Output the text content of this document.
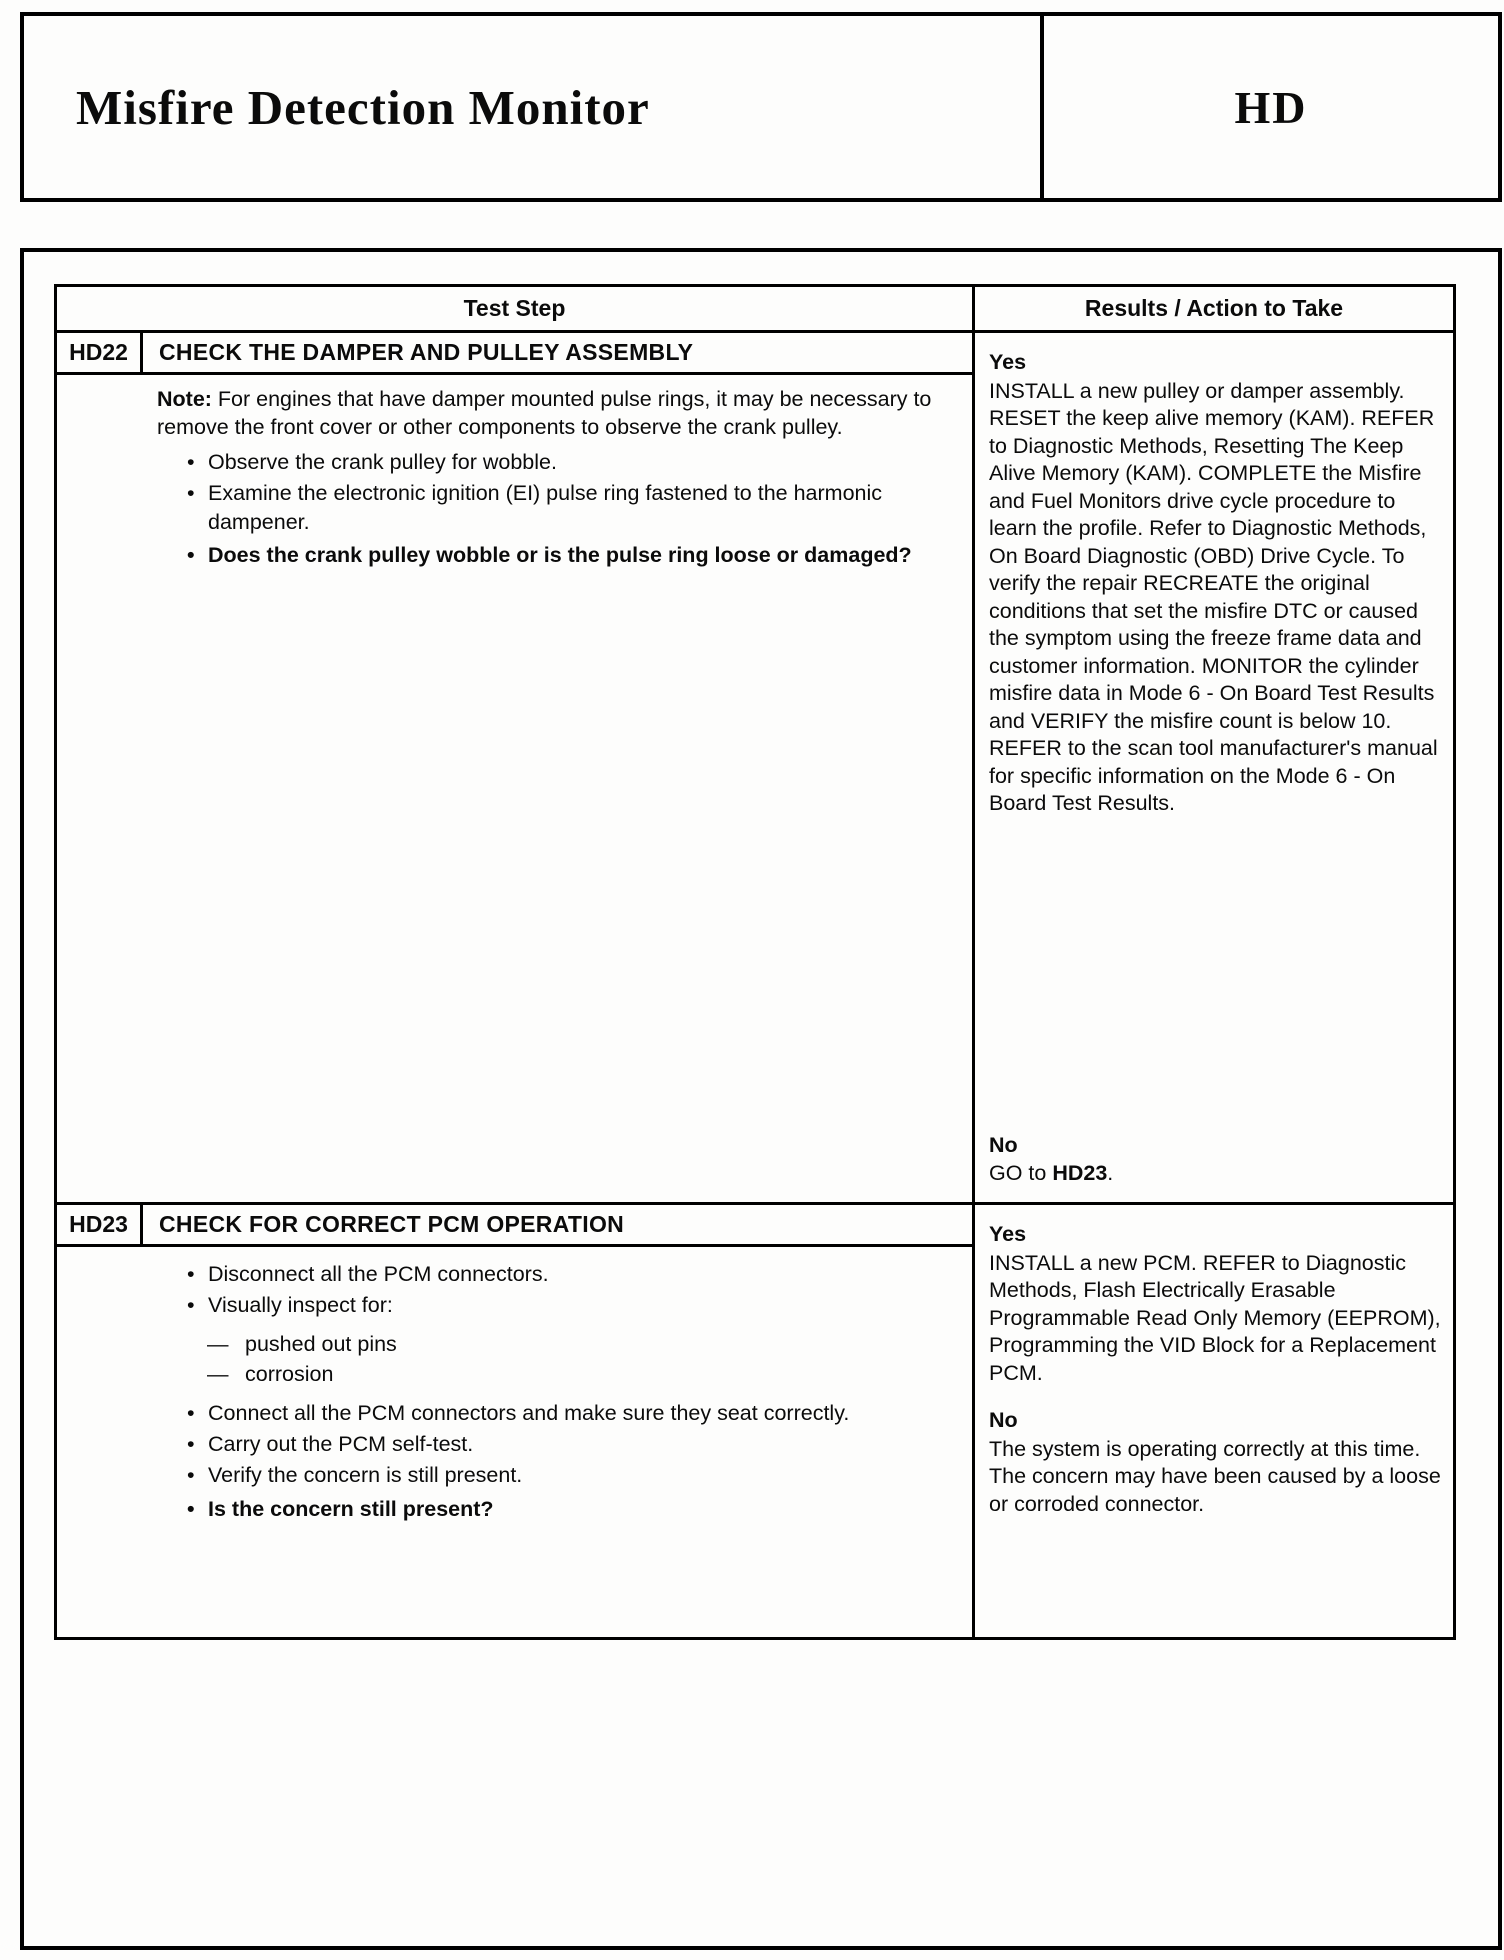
Misfire Detection Monitor	HD
Test Step	Results / Action to Take
HD22	CHECK THE DAMPER AND PULLEY ASSEMBLY

Note: For engines that have damper mounted pulse rings, it may be necessary to remove the front cover or other components to observe the crank pulley.

• Observe the crank pulley for wobble.
• Examine the electronic ignition (EI) pulse ring fastened to the harmonic dampener.
• Does the crank pulley wobble or is the pulse ring loose or damaged?
Yes

INSTALL a new pulley or damper assembly. RESET the keep alive memory (KAM). REFER to Diagnostic Methods, Resetting The Keep Alive Memory (KAM). COMPLETE the Misfire and Fuel Monitors drive cycle procedure to learn the profile. Refer to Diagnostic Methods, On Board Diagnostic (OBD) Drive Cycle. To verify the repair RECREATE the original conditions that set the misfire DTC or caused the symptom using the freeze frame data and customer information. MONITOR the cylinder misfire data in Mode 6 - On Board Test Results and VERIFY the misfire count is below 10. REFER to the scan tool manufacturer's manual for specific information on the Mode 6 - On Board Test Results.

No

GO to HD23.

HD23	CHECK FOR CORRECT PCM OPERATION
• Disconnect all the PCM connectors.
• Visually inspect for:
— pushed out pins
— corrosion
• Connect all the PCM connectors and make sure they seat correctly.
• Carry out the PCM self-test.
• Verify the concern is still present.
• Is the concern still present?
Yes

INSTALL a new PCM. REFER to Diagnostic Methods, Flash Electrically Erasable Programmable Read Only Memory (EEPROM), Programming the VID Block for a Replacement PCM.

No

The system is operating correctly at this time. The concern may have been caused by a loose or corroded connector.
